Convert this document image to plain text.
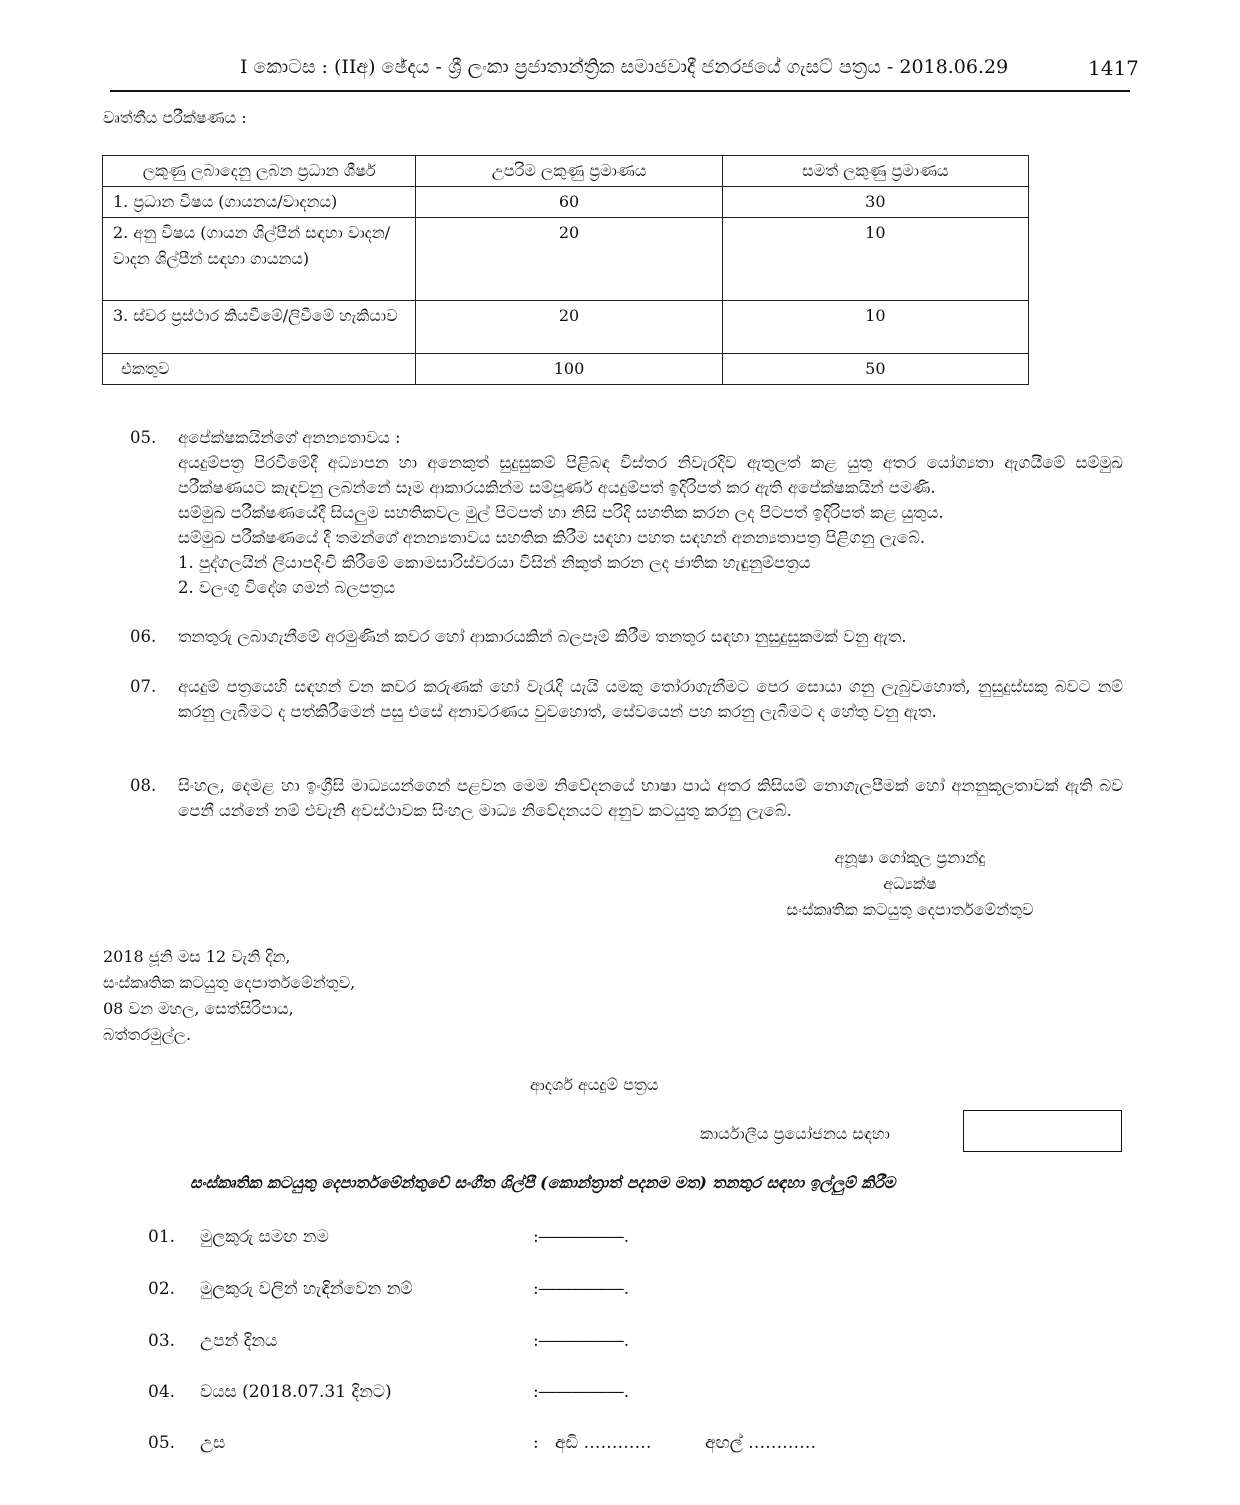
I කොටස : (IIඅ) ඡේදය - ශ්‍රී ලංකා ප්‍රජාතාන්ත්‍රික සමාජවාදී ජනරජයේ ගැසට් පත්‍රය - 2018.06.29	1417
වෘත්තීය පරීක්ෂණය :
ලකුණු ලබාදෙනු ලබන ප්‍රධාන ශීර්ෂ	උපරිම ලකුණු ප්‍රමාණය	සමත් ලකුණු ප්‍රමාණය
1. ප්‍රධාන විෂය (ගායනය/වාදනය)	60	30
2. අනු විෂය (ගායන ශිල්පීන් සඳහා වාදන/වාදන ශිල්පීන් සඳහා ගායනය)	20	10
3. ස්වර ප්‍රස්ථාර කියවීමේ/ලිවීමේ හැකියාව	20	10
එකතුව	100	50
05. අපේක්ෂකයින්ගේ අනන්‍යතාවය :
අයදුම්පත්‍ර පිරවීමේදී අධ්‍යාපන හා අනෙකුත් සුදුසුකම් පිළිබඳ විස්තර නිවැරදිව ඇතුලත් කළ යුතු අතර යෝග්‍යතා ඇගයීමේ සම්මුඛ පරීක්ෂණයට කැඳවනු ලබන්නේ සෑම ආකාරයකින්ම සම්පූර්ණ අයදුම්පත් ඉදිරිපත් කර ඇති අපේක්ෂකයින් පමණි.
සම්මුඛ පරීක්ෂණයේදී සියලුම සහතිකවල මුල් පිටපත් හා නිසි පරිදි සහතික කරන ලද පිටපත් ඉදිරිපත් කළ යුතුය.
සම්මුඛ පරීක්ෂණයේ දී තමන්ගේ අනන්‍යතාවය සහතික කිරීම සඳහා පහත සඳහන් අනන්‍යතාපත්‍ර පිළිගනු ලැබේ.
1. පුද්ගලයින් ලියාපදිංචි කිරීමේ කොමසාරිස්වරයා විසින් නිකුත් කරන ලද ජාතික හැඳුනුම්පත්‍රය
2. වලංගු විදේශ ගමන් බලපත්‍රය
06. තනතුරු ලබාගැනීමේ අරමුණින් කවර හෝ ආකාරයකින් බලපෑම් කිරීම තනතුර සඳහා නුසුදුසුකමක් වනු ඇත.
07. අයදුම් පත්‍රයෙහි සඳහන් වන කවර කරුණක් හෝ වැරැදි යැයි යමකු තෝරාගැනීමට පෙර සොයා ගනු ලැබුවහොත්, නුසුදුස්සකු බවට නම් කරනු ලැබීමට ද පත්කිරීමෙන් පසු එසේ අනාවරණය වුවහොත්, සේවයෙන් පහ කරනු ලැබීමට ද හේතු වනු ඇත.
08. සිංහල, දෙමළ හා ඉංග්‍රීසි මාධ්‍යයන්ගෙන් පළවන මෙම නිවේදනයේ භාෂා පාඨ අතර කිසියම් නොගැලපීමක් හෝ අනනුකූලතාවක් ඇති බව පෙනී යන්නේ නම් එවැනි අවස්ථාවක සිංහල මාධ්‍ය නිවේදනයට අනුව කටයුතු කරනු ලැබේ.
අනූෂා ගෝකුල ප්‍රනාන්දු
අධ්‍යක්ෂ
සංස්කෘතික කටයුතු දෙපාර්තමේන්තුව
2018 ජූනි මස 12 වැනි දින,
සංස්කෘතික කටයුතු දෙපාර්තමේන්තුව,
08 වන මහල, සෙත්සිරිපාය,
බත්තරමුල්ල.
ආදර්ශ අයදුම් පත්‍රය
කාර්යාලීය ප්‍රයෝජනය සඳහා
සංස්කෘතික කටයුතු දෙපාර්තමේන්තුවේ සංගීත ශිල්පී (කොන්ත්‍රාත් පදනම මත) තනතුර සඳහා ඉල්ලුම් කිරීම
01. මුලකුරු සමඟ නම	:―――――.
02. මුලකුරු වලින් හැඳින්වෙන නම්	:―――――.
03. උපන් දිනය	:―――――.
04. වයස (2018.07.31 දිනට)	:―――――.
05. උස	: අඩි …………	අඟල් …………
